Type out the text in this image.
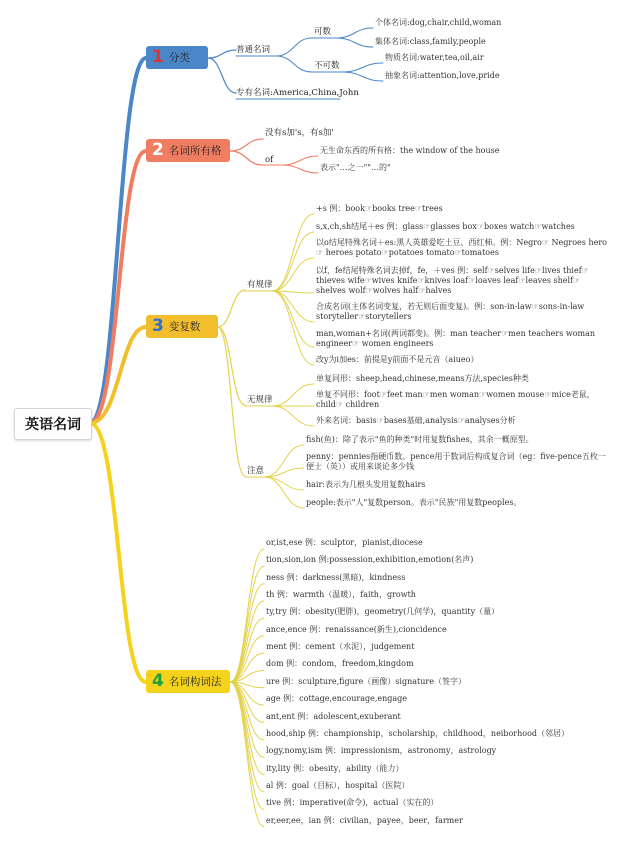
英语名词
1 分类
普通名词
可数
个体名词:dog,chair,child,woman
集体名词:class,family,people
不可数
物质名词:water,tea,oil,air
抽象名词:attention,love,pride
专有名词:America,China,John
2 名词所有格
没有s加's，有s加'
of
无生命东西的所有格：the window of the house
表示"…之一""…的"
3 变复数
有规律
无规律
注意
+s 例：book☞books tree☞trees
s,x,ch,sh结尾＋es 例：glass☞glasses box☞boxes watch☞watches
以o结尾特殊名词＋es:黑人英雄爱吃土豆、西红柿。例：Negro☞ Negroes hero☞ heroes potato☞potatoes tomato☞tomatoes
以f，fe结尾特殊名词去掉f，fe，＋ves 例：self☞selves life☞lives thief☞thieves wife☞wives knife☞knives loaf☞loaves leaf☞leaves shelf☞shelves wolf☞wolves half☞halves
合成名词(主体名词变复，若无则后面变复)。例：son-in-law☞sons-in-law storyteller☞storytellers
man,woman+名词(两词都变)。例：man teacher☞men teachers woman engineer☞ women engineers
改y为i加es：前提是y前面不是元音（aiueo）
单复同形：sheep,head,chinese,means方法,species种类
单复不同形：foot☞feet man☞men woman☞women mouse☞mice老鼠，child☞ children
外来名词：basis☞bases基础,analysis☞analyses分析
fish(鱼)：除了表示"鱼的种类"时用复数fishes，其余一概原型。
penny：pennies指硬币数。pence用于数词后构成复合词（eg：five-pence五枚一便士（英））或用来谈论多少钱
hair:表示为几根头发用复数hairs
people:表示"人"复数person。表示"民族"用复数peoples。
4 名词构词法
or,ist,ese 例：sculptor，pianist,diocese
tion,sion,ion 例:possession,exhibition,emotion(名声)
ness 例：darkness(黑暗)，kindness
th 例：warmth（温暖），faith，growth
ty,try 例：obesity(肥胖)，geometry(几何学)，quantity（量）
ance,ence 例：renaissance(新生),cioncidence
ment 例：cement（水泥），judgement
dom 例：condom，freedom,kingdom
ure 例：sculpture,figure（画像）signature（签字）
age 例：cottage,encourage,engage
ant,ent 例：adolescent,exuberant
hood,ship 例：championship，scholarship，childhood，neiborhood（邻居）
logy,nomy,ism 例：impressionism，astronomy，astrology
ity,lity 例：obesity，ability（能力）
al 例：goal（目标），hospital（医院）
tive 例：imperative(命令)，actual（实在的）
er,eer,ee，ian 例：civilian，payee，beer，farmer
